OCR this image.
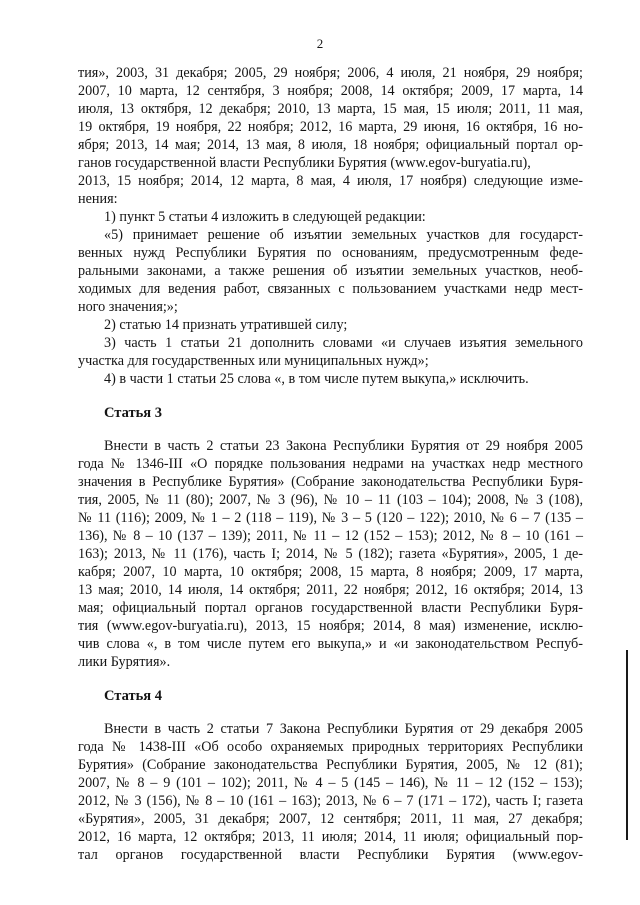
2
тия», 2003, 31 декабря; 2005, 29 ноября; 2006, 4 июля, 21 ноября, 29 ноября;
2007, 10 марта, 12 сентября, 3 ноября; 2008, 14 октября; 2009, 17 марта, 14
июля, 13 октября, 12 декабря; 2010, 13 марта, 15 мая, 15 июля; 2011, 11 мая,
19 октября, 19 ноября, 22 ноября; 2012, 16 марта, 29 июня, 16 октября, 16 но-
ября; 2013, 14 мая; 2014, 13 мая, 8 июля, 18 ноября; официальный портал ор-
ганов государственной власти Республики Бурятия (www.egov-buryatia.ru),
2013, 15 ноября; 2014, 12 марта, 8 мая, 4 июля, 17 ноября) следующие изме-
нения:
1) пункт 5 статьи 4 изложить в следующей редакции:
«5) принимает решение об изъятии земельных участков для государст-
венных нужд Республики Бурятия по основаниям, предусмотренным феде-
ральными законами, а также решения об изъятии земельных участков, необ-
ходимых для ведения работ, связанных с пользованием участками недр мест-
ного значения;»;
2) статью 14 признать утратившей силу;
3) часть 1 статьи 21 дополнить словами «и случаев изъятия земельного
участка для государственных или муниципальных нужд»;
4) в части 1 статьи 25 слова «, в том числе путем выкупа,» исключить.
Статья 3
Внести в часть 2 статьи 23 Закона Республики Бурятия от 29 ноября 2005
года № 1346-III «О порядке пользования недрами на участках недр местного
значения в Республике Бурятия» (Собрание законодательства Республики Буря-
тия, 2005, № 11 (80); 2007, № 3 (96), № 10 – 11 (103 – 104); 2008, № 3 (108),
№ 11 (116); 2009, № 1 – 2 (118 – 119), № 3 – 5 (120 – 122); 2010, № 6 – 7 (135 –
136), № 8 – 10 (137 – 139); 2011, № 11 – 12 (152 – 153); 2012, № 8 – 10 (161 –
163); 2013, № 11 (176), часть I; 2014, № 5 (182); газета «Бурятия», 2005, 1 де-
кабря; 2007, 10 марта, 10 октября; 2008, 15 марта, 8 ноября; 2009, 17 марта,
13 мая; 2010, 14 июля, 14 октября; 2011, 22 ноября; 2012, 16 октября; 2014, 13
мая; официальный портал органов государственной власти Республики Буря-
тия (www.egov-buryatia.ru), 2013, 15 ноября; 2014, 8 мая) изменение, исклю-
чив слова «, в том числе путем его выкупа,» и «и законодательством Респуб-
лики Бурятия».
Статья 4
Внести в часть 2 статьи 7 Закона Республики Бурятия от 29 декабря 2005
года № 1438-III «Об особо охраняемых природных территориях Республики
Бурятия» (Собрание законодательства Республики Бурятия, 2005, № 12 (81);
2007, № 8 – 9 (101 – 102); 2011, № 4 – 5 (145 – 146), № 11 – 12 (152 – 153);
2012, № 3 (156), № 8 – 10 (161 – 163); 2013, № 6 – 7 (171 – 172), часть I; газета
«Бурятия», 2005, 31 декабря; 2007, 12 сентября; 2011, 11 мая, 27 декабря;
2012, 16 марта, 12 октября; 2013, 11 июля; 2014, 11 июля; официальный пор-
тал органов государственной власти Республики Бурятия (www.egov-
